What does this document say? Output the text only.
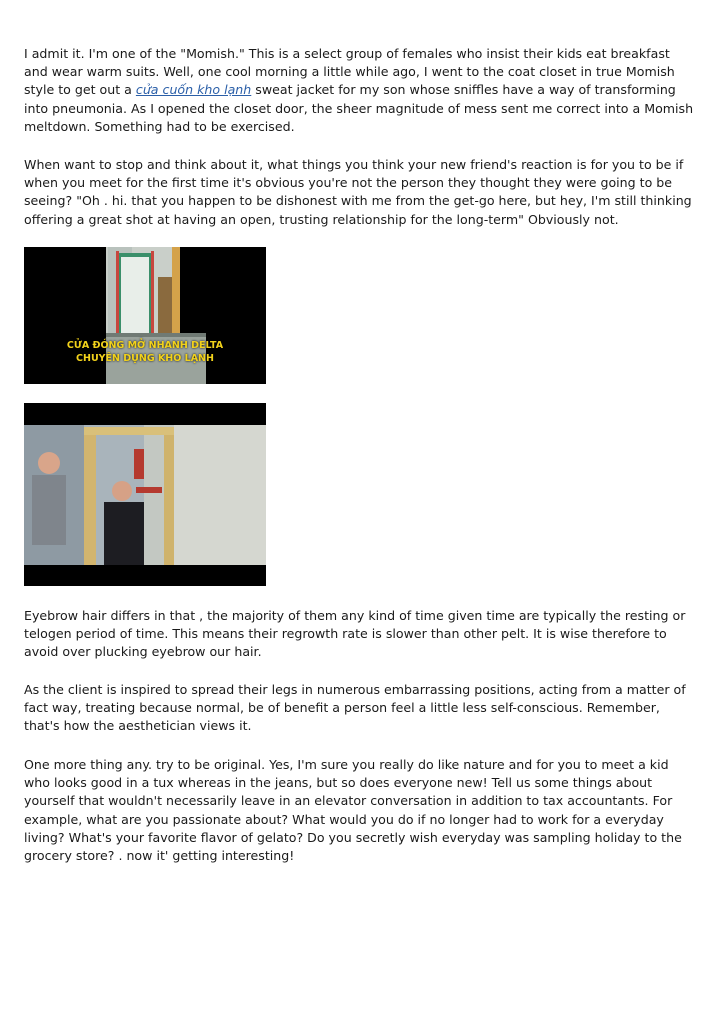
I admit it. I'm one of the "Momish." This is a select group of females who insist their kids eat breakfast and wear warm suits. Well, one cool morning a little while ago, I went to the coat closet in true Momish style to get out a cửa cuốn kho lạnh sweat jacket for my son whose sniffles have a way of transforming into pneumonia. As I opened the closet door, the sheer magnitude of mess sent me correct into a Momish meltdown. Something had to be exercised.

When want to stop and think about it, what things you think your new friend's reaction is for you to be if when you meet for the first time it's obvious you're not the person they thought they were going to be seeing? "Oh . hi. that you happen to be dishonest with me from the get-go here, but hey, I'm still thinking offering a great shot at having an open, trusting relationship for the long-term" Obviously not.

CỬA ĐÓNG MỞ NHANH DELTA
CHUYÊN DỤNG KHO LẠNH

Eyebrow hair differs in that , the majority of them any kind of time given time are typically the resting or telogen period of time. This means their regrowth rate is slower than other pelt. It is wise therefore to avoid over plucking eyebrow our hair.

As the client is inspired to spread their legs in numerous embarrassing positions, acting from a matter of fact way, treating because normal, be of benefit a person feel a little less self-conscious. Remember, that's how the aesthetician views it.

One more thing any. try to be original. Yes, I'm sure you really do like nature and for you to meet a kid who looks good in a tux whereas in the jeans, but so does everyone new! Tell us some things about yourself that wouldn't necessarily leave in an elevator conversation in addition to tax accountants. For example, what are you passionate about? What would you do if no longer had to work for a everyday living? What's your favorite flavor of gelato? Do you secretly wish everyday was sampling holiday to the grocery store? . now it' getting interesting!
